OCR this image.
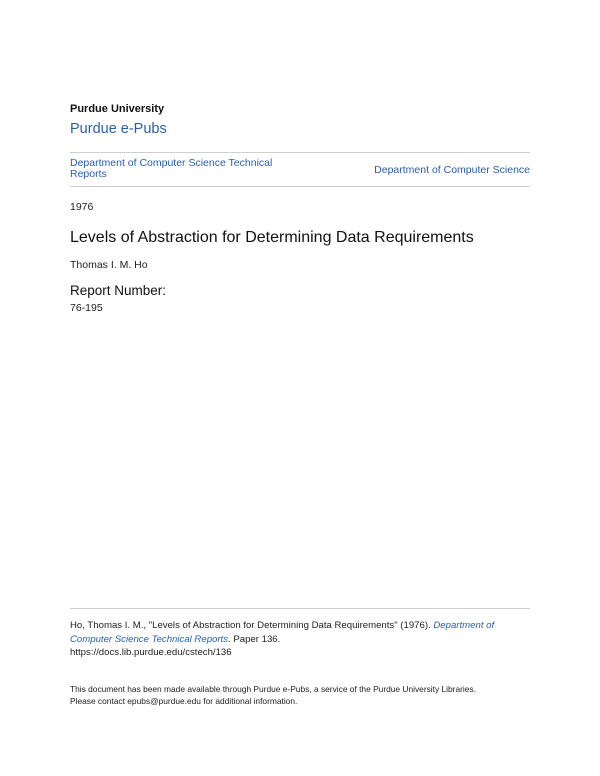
Purdue University
Purdue e-Pubs
Department of Computer Science Technical Reports	Department of Computer Science
1976
Levels of Abstraction for Determining Data Requirements
Thomas I. M. Ho
Report Number:
76-195
Ho, Thomas I. M., "Levels of Abstraction for Determining Data Requirements" (1976). Department of Computer Science Technical Reports. Paper 136.
https://docs.lib.purdue.edu/cstech/136
This document has been made available through Purdue e-Pubs, a service of the Purdue University Libraries.
Please contact epubs@purdue.edu for additional information.
